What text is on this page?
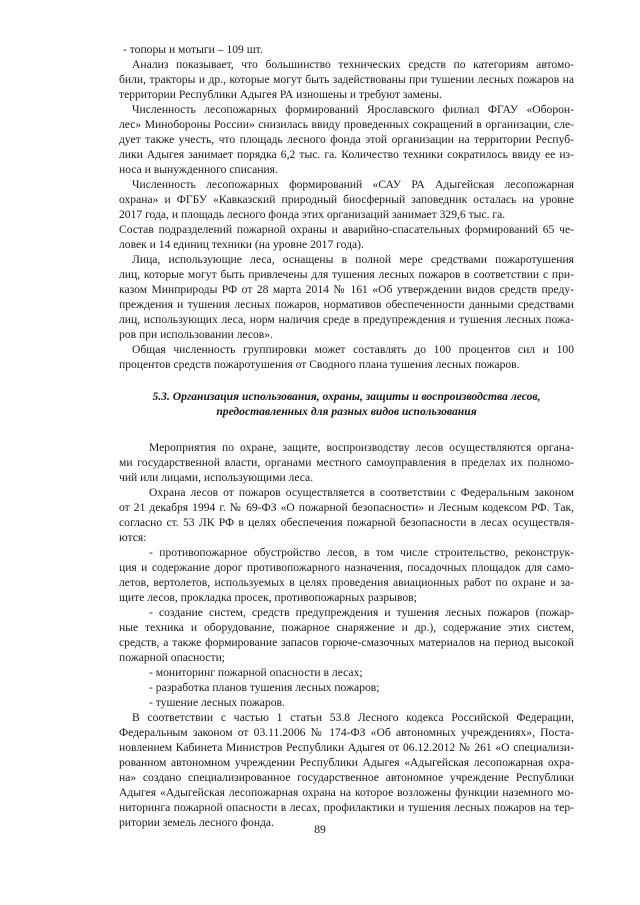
- топоры и мотыги – 109 шт.
Анализ показывает, что большинство технических средств по категориям автомо-
били, тракторы и др., которые могут быть задействованы при тушении лесных пожаров на
территории Республики Адыгея РА изношены и требуют замены.
Численность лесопожарных формирований Ярославского филиал ФГАУ «Оборон-
лес» Минобороны России» снизилась ввиду проведенных сокращений в организации, сле-
дует также учесть, что площадь лесного фонда этой организации на территории Респуб-
лики Адыгея занимает порядка 6,2 тыс. га. Количество техники сократилось ввиду ее из-
носа и вынужденного списания.
Численность лесопожарных формирований «САУ РА Адыгейская лесопожарная
охрана» и ФГБУ «Кавказский природный биосферный заповедник осталась на уровне
2017 года, и площадь лесного фонда этих организаций занимает 329,6 тыс. га.
Состав подразделений пожарной охраны и аварийно-спасательных формирований 65 че-
ловек и 14 единиц техники (на уровне 2017 года).
Лица, использующие леса, оснащены в полной мере средствами пожаротушения
лиц, которые могут быть привлечены для тушения лесных пожаров в соответствии с при-
казом Минприроды РФ от 28 марта 2014 № 161 «Об утверждении видов средств преду-
преждения и тушения лесных пожаров, нормативов обеспеченности данными средствами
лиц, использующих леса, норм наличия среде в предупреждения и тушения лесных пожа-
ров при использовании лесов».
Общая численность группировки может составлять до 100 процентов сил и 100
процентов средств пожаротушения от Сводного плана тушения лесных пожаров.
5.3. Организация использования, охраны, защиты и воспроизводства лесов,
предоставленных для разных видов использования
Мероприятия по охране, защите, воспроизводству лесов осуществляются органа-
ми государственной власти, органами местного самоуправления в пределах их полномо-
чий или лицами, использующими леса.
Охрана лесов от пожаров осуществляется в соответствии с Федеральным законом
от 21 декабря 1994 г. № 69-ФЗ «О пожарной безопасности» и Лесным кодексом РФ. Так,
согласно ст. 53 ЛК РФ в целях обеспечения пожарной безопасности в лесах осуществля-
ются:
- противопожарное обустройство лесов, в том числе строительство, реконструк-
ция и содержание дорог противопожарного назначения, посадочных площадок для само-
летов, вертолетов, используемых в целях проведения авиационных работ по охране и за-
щите лесов, прокладка просек, противопожарных разрывов;
- создание систем, средств предупреждения и тушения лесных пожаров (пожар-
ные техника и оборудование, пожарное снаряжение и др.), содержание этих систем,
средств, а также формирование запасов горюче-смазочных материалов на период высокой
пожарной опасности;
- мониторинг пожарной опасности в лесах;
- разработка планов тушения лесных пожаров;
- тушение лесных пожаров.
В соответствии с частью 1 статьи 53.8 Лесного кодекса Российской Федерации,
Федеральным законом от 03.11.2006 № 174-ФЗ «Об автономных учреждениях», Поста-
новлением Кабинета Министров Республики Адыгея от 06.12.2012 № 261 «О специализи-
рованном автономном учреждении Республики Адыгея «Адыгейская лесопожарная охра-
на» создано специализированное государственное автономное учреждение Республики
Адыгея «Адыгейская лесопожарная охрана на которое возложены функции наземного мо-
ниторинга пожарной опасности в лесах, профилактики и тушения лесных пожаров на тер-
ритории земель лесного фонда.
89
